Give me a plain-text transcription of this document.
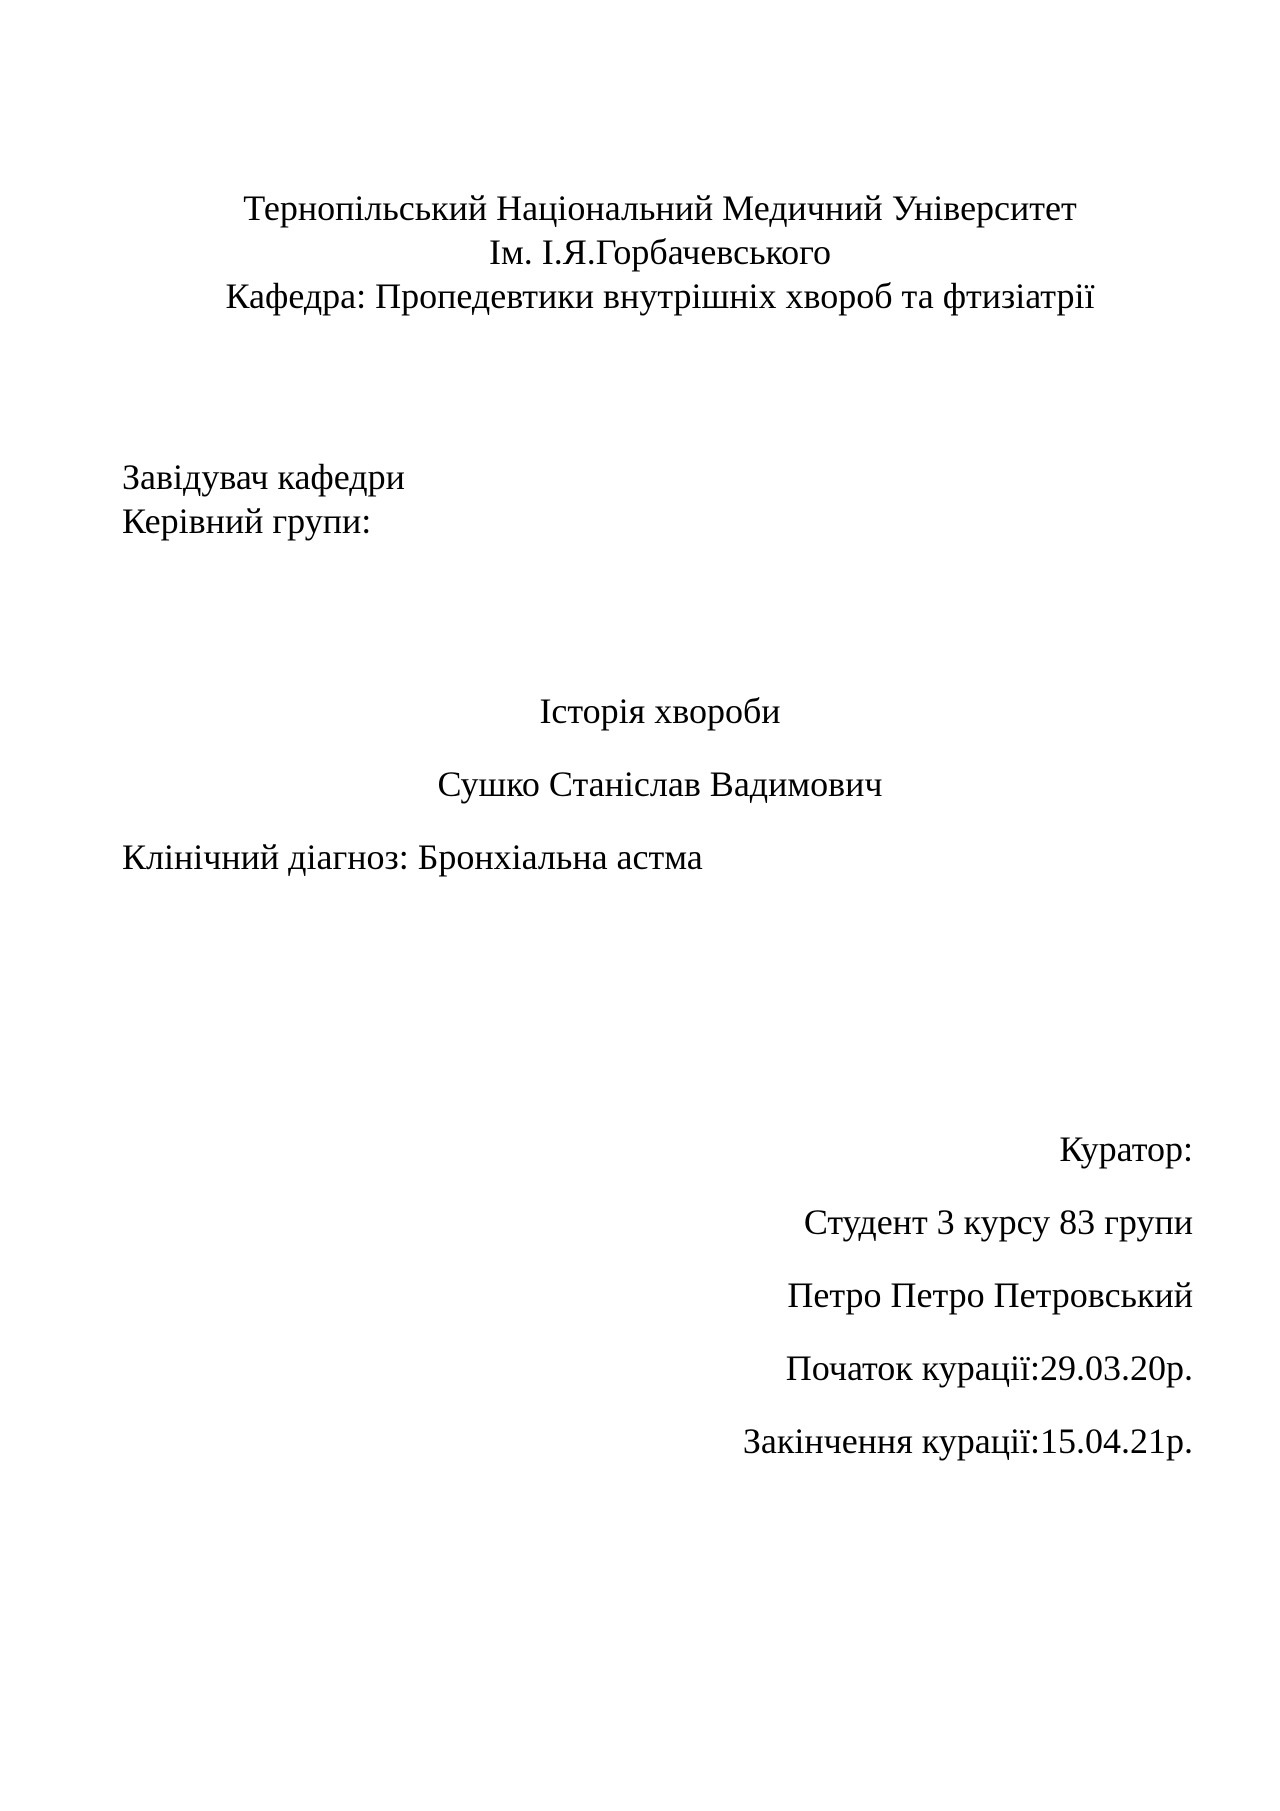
Тернопільський Національний Медичний Університет
Ім. І.Я.Горбачевського
Кафедра: Пропедевтики внутрішніх хвороб та фтизіатрії
Завідувач кафедри
Керівний групи:
Історія хвороби
Сушко Станіслав Вадимович
Клінічний діагноз: Бронхіальна астма
Куратор:
Студент 3 курсу 83 групи
Петро Петро Петровський
Початок курації:29.03.20р.
Закінчення курації:15.04.21р.
